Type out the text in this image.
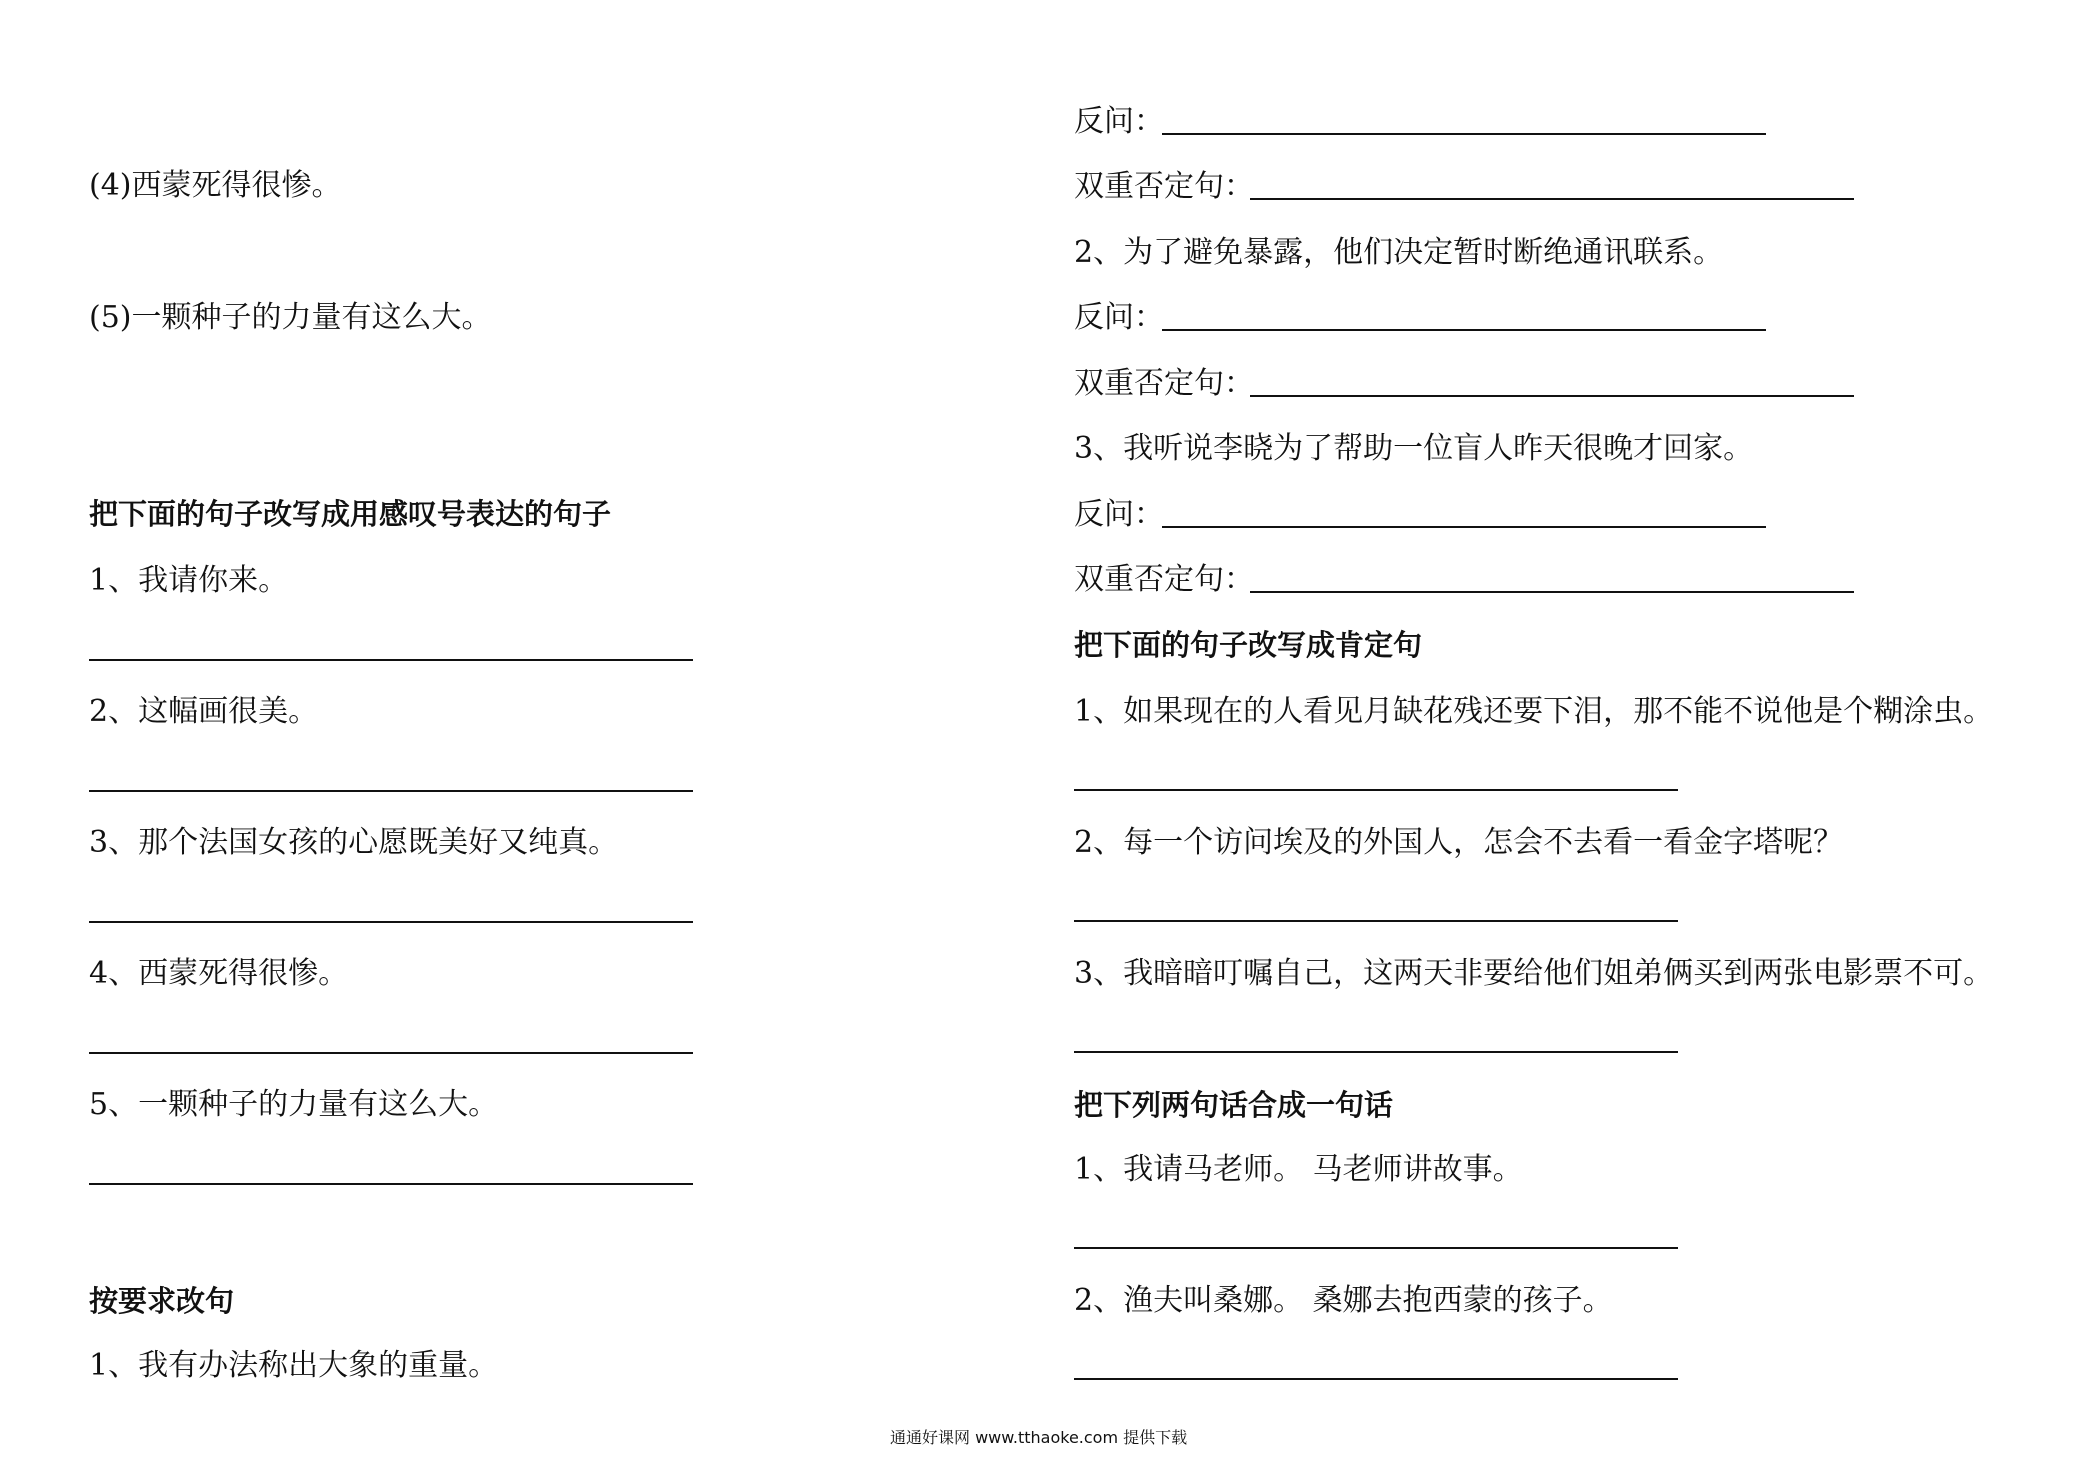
(4)西蒙死得很惨。
(5)一颗种子的力量有这么大。
把下面的句子改写成用感叹号表达的句子
1、我请你来。
2、这幅画很美。
3、那个法国女孩的心愿既美好又纯真。
4、西蒙死得很惨。
5、一颗种子的力量有这么大。
按要求改句
1、我有办法称出大象的重量。
反问：
双重否定句：
2、为了避免暴露，他们决定暂时断绝通讯联系。
反问：
双重否定句：
3、我听说李晓为了帮助一位盲人昨天很晚才回家。
反问：
双重否定句：
把下面的句子改写成肯定句
1、如果现在的人看见月缺花残还要下泪，那不能不说他是个糊涂虫。
2、每一个访问埃及的外国人，怎会不去看一看金字塔呢？
3、我暗暗叮嘱自己，这两天非要给他们姐弟俩买到两张电影票不可。
把下列两句话合成一句话
1、我请马老师。 马老师讲故事。
2、渔夫叫桑娜。 桑娜去抱西蒙的孩子。
通通好课网 www.tthaoke.com 提供下载
